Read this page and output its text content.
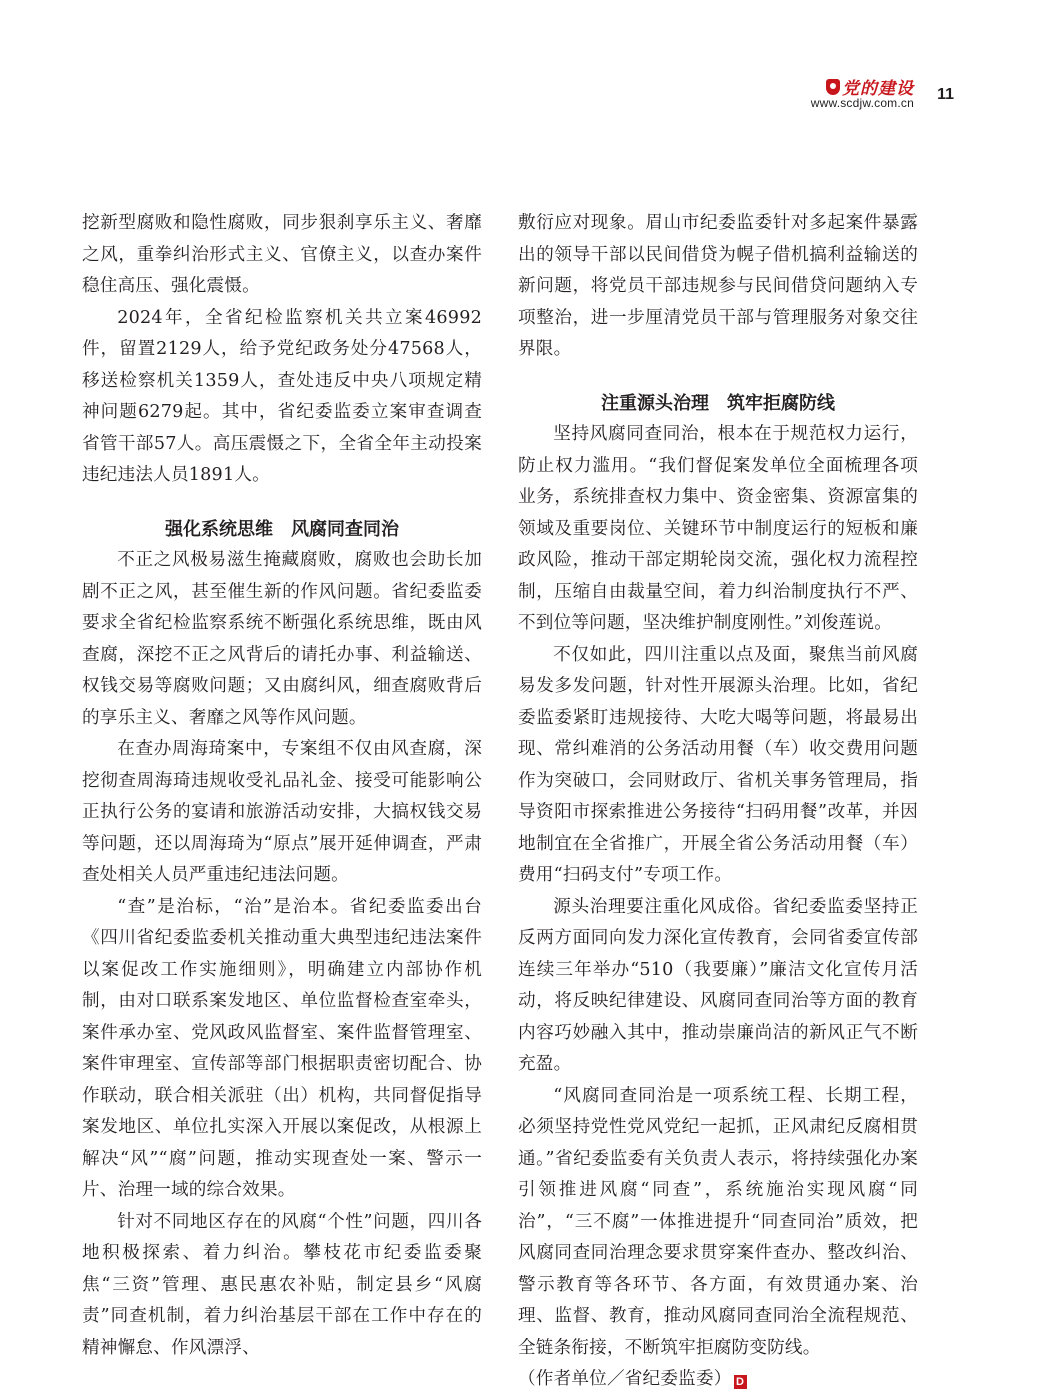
党的建设
www.scdjw.com.cn 11

挖新型腐败和隐性腐败，同步狠刹享乐主义、奢靡之风，重拳纠治形式主义、官僚主义，以查办案件稳住高压、强化震慑。

2024年，全省纪检监察机关共立案46992件，留置2129人，给予党纪政务处分47568人，移送检察机关1359人，查处违反中央八项规定精神问题6279起。其中，省纪委监委立案审查调查省管干部57人。高压震慑之下，全省全年主动投案违纪违法人员1891人。

强化系统思维　风腐同查同治

不正之风极易滋生掩藏腐败，腐败也会助长加剧不正之风，甚至催生新的作风问题。省纪委监委要求全省纪检监察系统不断强化系统思维，既由风查腐，深挖不正之风背后的请托办事、利益输送、权钱交易等腐败问题；又由腐纠风，细查腐败背后的享乐主义、奢靡之风等作风问题。

在查办周海琦案中，专案组不仅由风查腐，深挖彻查周海琦违规收受礼品礼金、接受可能影响公正执行公务的宴请和旅游活动安排，大搞权钱交易等问题，还以周海琦为“原点”展开延伸调查，严肃查处相关人员严重违纪违法问题。

“查”是治标，“治”是治本。省纪委监委出台《四川省纪委监委机关推动重大典型违纪违法案件以案促改工作实施细则》，明确建立内部协作机制，由对口联系案发地区、单位监督检查室牵头，案件承办室、党风政风监督室、案件监督管理室、案件审理室、宣传部等部门根据职责密切配合、协作联动，联合相关派驻（出）机构，共同督促指导案发地区、单位扎实深入开展以案促改，从根源上解决“风”“腐”问题，推动实现查处一案、警示一片、治理一域的综合效果。

针对不同地区存在的风腐“个性”问题，四川各地积极探索、着力纠治。攀枝花市纪委监委聚焦“三资”管理、惠民惠农补贴，制定县乡“风腐责”同查机制，着力纠治基层干部在工作中存在的精神懈怠、作风漂浮、

敷衍应对现象。眉山市纪委监委针对多起案件暴露出的领导干部以民间借贷为幌子借机搞利益输送的新问题，将党员干部违规参与民间借贷问题纳入专项整治，进一步厘清党员干部与管理服务对象交往界限。

注重源头治理　筑牢拒腐防线

坚持风腐同查同治，根本在于规范权力运行，防止权力滥用。“我们督促案发单位全面梳理各项业务，系统排查权力集中、资金密集、资源富集的领域及重要岗位、关键环节中制度运行的短板和廉政风险，推动干部定期轮岗交流，强化权力流程控制，压缩自由裁量空间，着力纠治制度执行不严、不到位等问题，坚决维护制度刚性。”刘俊莲说。

不仅如此，四川注重以点及面，聚焦当前风腐易发多发问题，针对性开展源头治理。比如，省纪委监委紧盯违规接待、大吃大喝等问题，将最易出现、常纠难消的公务活动用餐（车）收交费用问题作为突破口，会同财政厅、省机关事务管理局，指导资阳市探索推进公务接待“扫码用餐”改革，并因地制宜在全省推广，开展全省公务活动用餐（车）费用“扫码支付”专项工作。

源头治理要注重化风成俗。省纪委监委坚持正反两方面同向发力深化宣传教育，会同省委宣传部连续三年举办“510（我要廉）”廉洁文化宣传月活动，将反映纪律建设、风腐同查同治等方面的教育内容巧妙融入其中，推动崇廉尚洁的新风正气不断充盈。

“风腐同查同治是一项系统工程、长期工程，必须坚持党性党风党纪一起抓，正风肃纪反腐相贯通。”省纪委监委有关负责人表示，将持续强化办案引领推进风腐“同查”，系统施治实现风腐“同治”，“三不腐”一体推进提升“同查同治”质效，把风腐同查同治理念要求贯穿案件查办、整改纠治、警示教育等各环节、各方面，有效贯通办案、治理、监督、教育，推动风腐同查同治全流程规范、全链条衔接，不断筑牢拒腐防变防线。

（作者单位／省纪委监委） D
